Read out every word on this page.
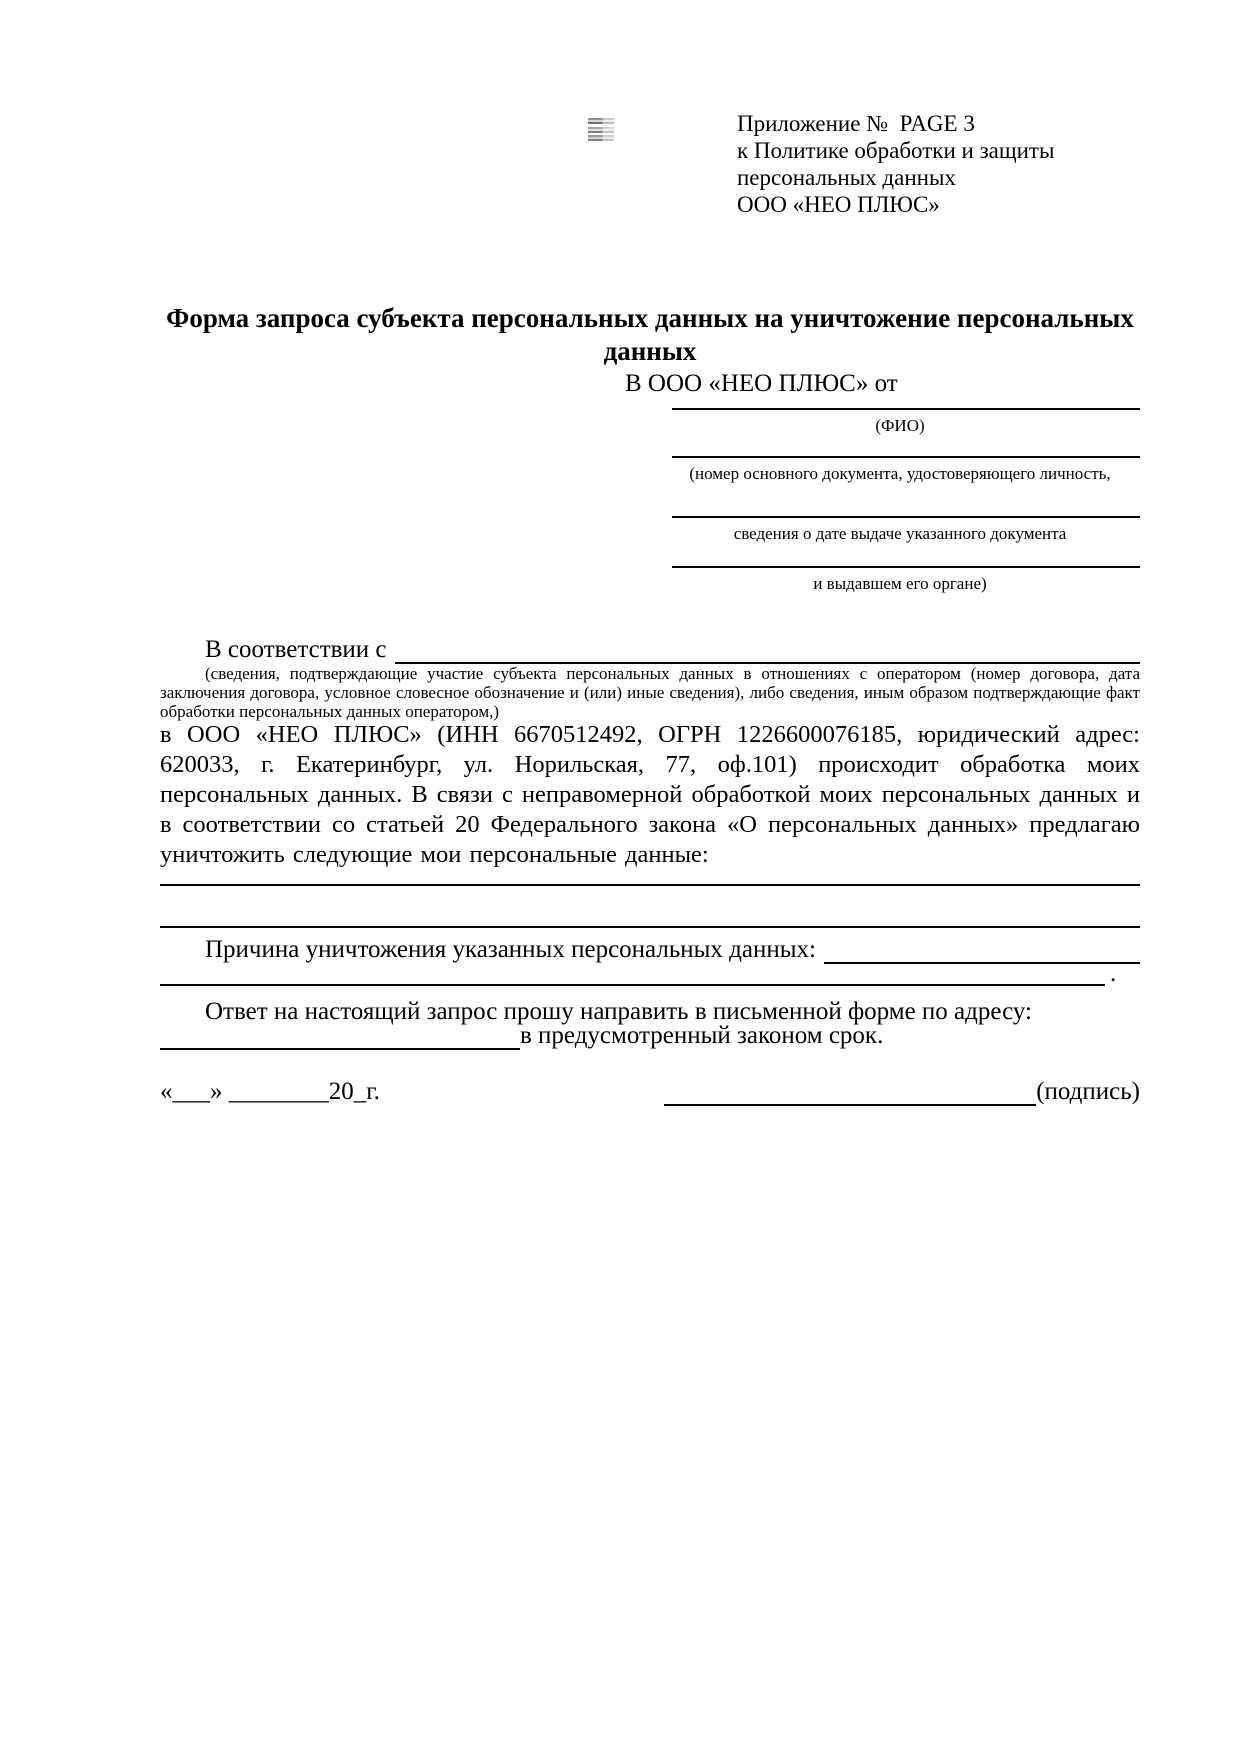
Приложение №  PAGE 3
к Политике обработки и защиты
персональных данных
ООО «НЕО ПЛЮС»
Форма запроса субъекта персональных данных на уничтожение персональных данных
В ООО «НЕО ПЛЮС» от
(ФИО)
(номер основного документа, удостоверяющего личность,
сведения о дате выдаче указанного документа
и выдавшем его органе)
В соответствии с
(сведения, подтверждающие участие субъекта персональных данных в отношениях с оператором (номер договора, дата заключения договора, условное словесное обозначение и (или) иные сведения), либо сведения, иным образом подтверждающие факт обработки персональных данных оператором,)
в ООО «НЕО ПЛЮС» (ИНН 6670512492, ОГРН 1226600076185, юридический адрес: 620033, г. Екатеринбург, ул. Норильская, 77, оф.101) происходит обработка моих персональных данных. В связи с неправомерной обработкой моих персональных данных и в соответствии со статьей 20 Федерального закона «О персональных данных» предлагаю уничтожить следующие мои персональные данные:
Причина уничтожения указанных персональных данных:
.
Ответ на настоящий запрос прошу направить в письменной форме по адресу:
в предусмотренный законом срок.
«___» ________20_г.	(подпись)
